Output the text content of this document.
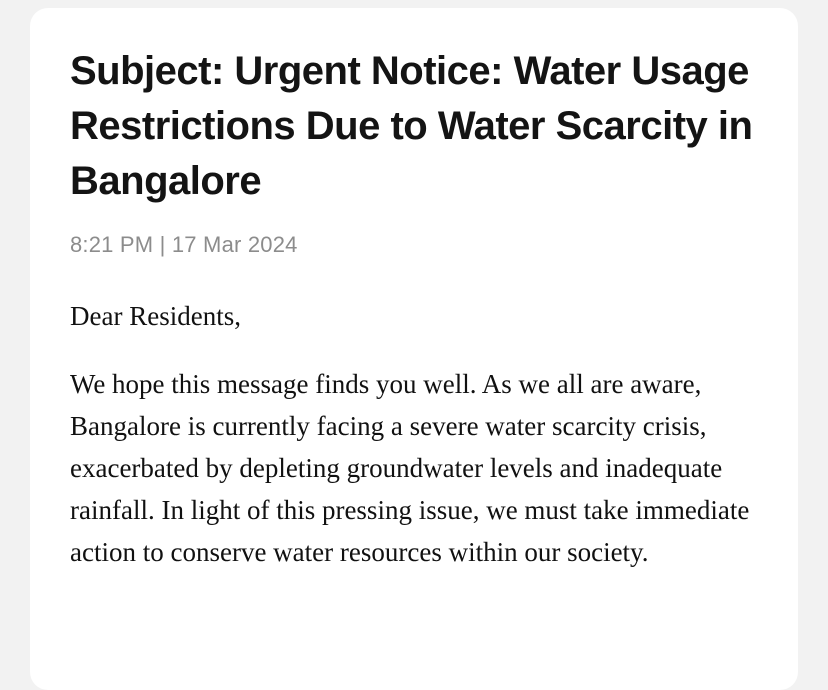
Subject: Urgent Notice: Water Usage Restrictions Due to Water Scarcity in Bangalore
8:21 PM | 17 Mar 2024

Dear Residents,

We hope this message finds you well. As we all are aware, Bangalore is currently facing a severe water scarcity crisis, exacerbated by depleting groundwater levels and inadequate rainfall. In light of this pressing issue, we must take immediate action to conserve water resources within our society.
